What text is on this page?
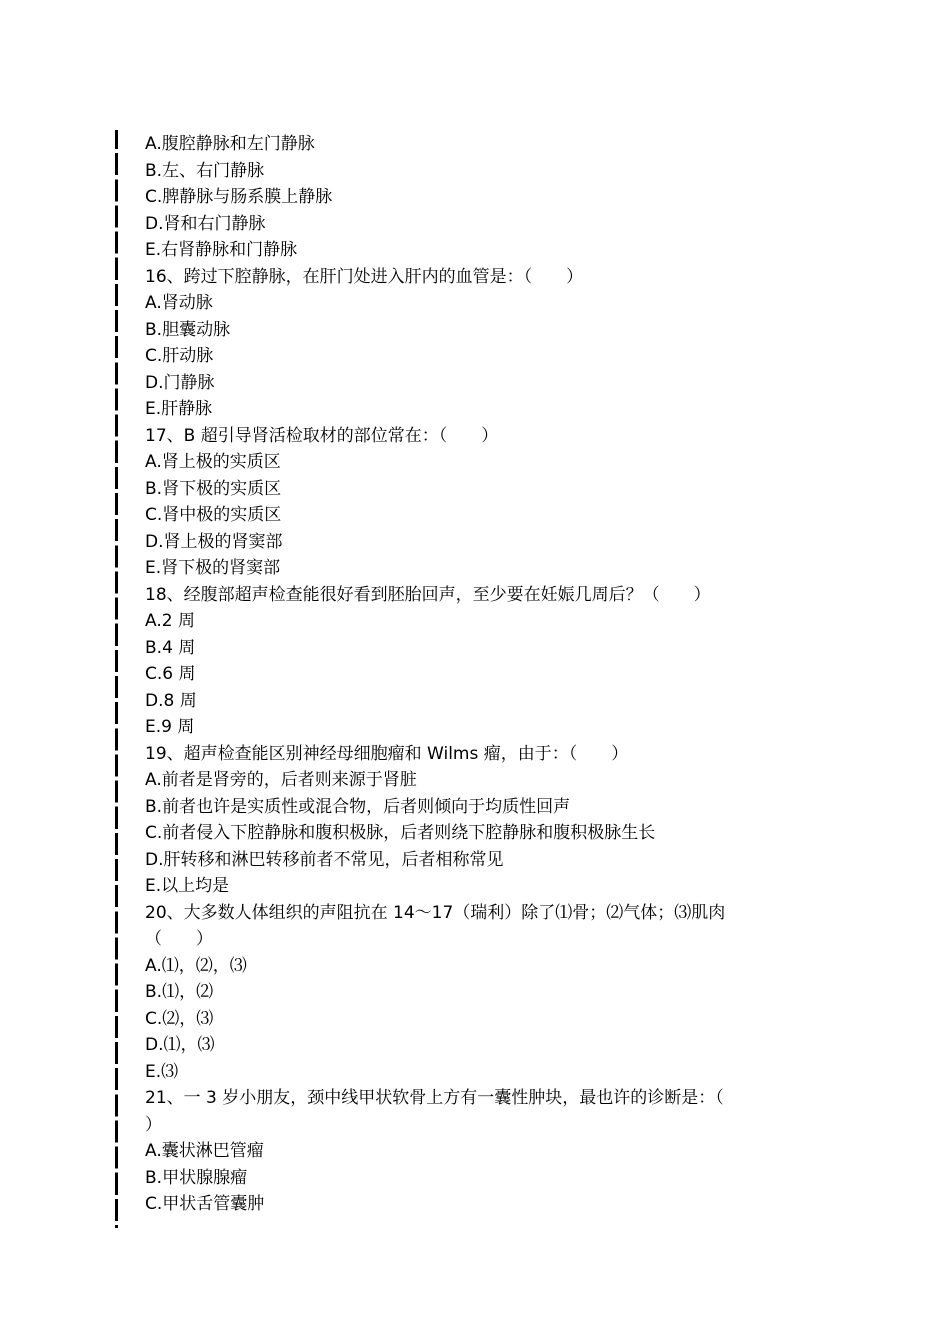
A.腹腔静脉和左门静脉
B.左、右门静脉
C.脾静脉与肠系膜上静脉
D.肾和右门静脉
E.右肾静脉和门静脉
16、跨过下腔静脉，在肝门处进入肝内的血管是：（　　）
A.肾动脉
B.胆囊动脉
C.肝动脉
D.门静脉
E.肝静脉
17、B 超引导肾活检取材的部位常在：（　　）
A.肾上极的实质区
B.肾下极的实质区
C.肾中极的实质区
D.肾上极的肾窦部
E.肾下极的肾窦部
18、经腹部超声检查能很好看到胚胎回声，至少要在妊娠几周后？（　　）
A.2 周
B.4 周
C.6 周
D.8 周
E.9 周
19、超声检查能区别神经母细胞瘤和 Wilms 瘤，由于：（　　）
A.前者是肾旁的，后者则来源于肾脏
B.前者也许是实质性或混合物，后者则倾向于均质性回声
C.前者侵入下腔静脉和腹积极脉，后者则绕下腔静脉和腹积极脉生长
D.肝转移和淋巴转移前者不常见，后者相称常见
E.以上均是
20、大多数人体组织的声阻抗在 14～17（瑞利）除了⑴骨；⑵气体；⑶肌肉
（　　）
A.⑴，⑵，⑶
B.⑴，⑵
C.⑵，⑶
D.⑴，⑶
E.⑶
21、一 3 岁小朋友，颈中线甲状软骨上方有一囊性肿块，最也许的诊断是：（
）
A.囊状淋巴管瘤
B.甲状腺腺瘤
C.甲状舌管囊肿
